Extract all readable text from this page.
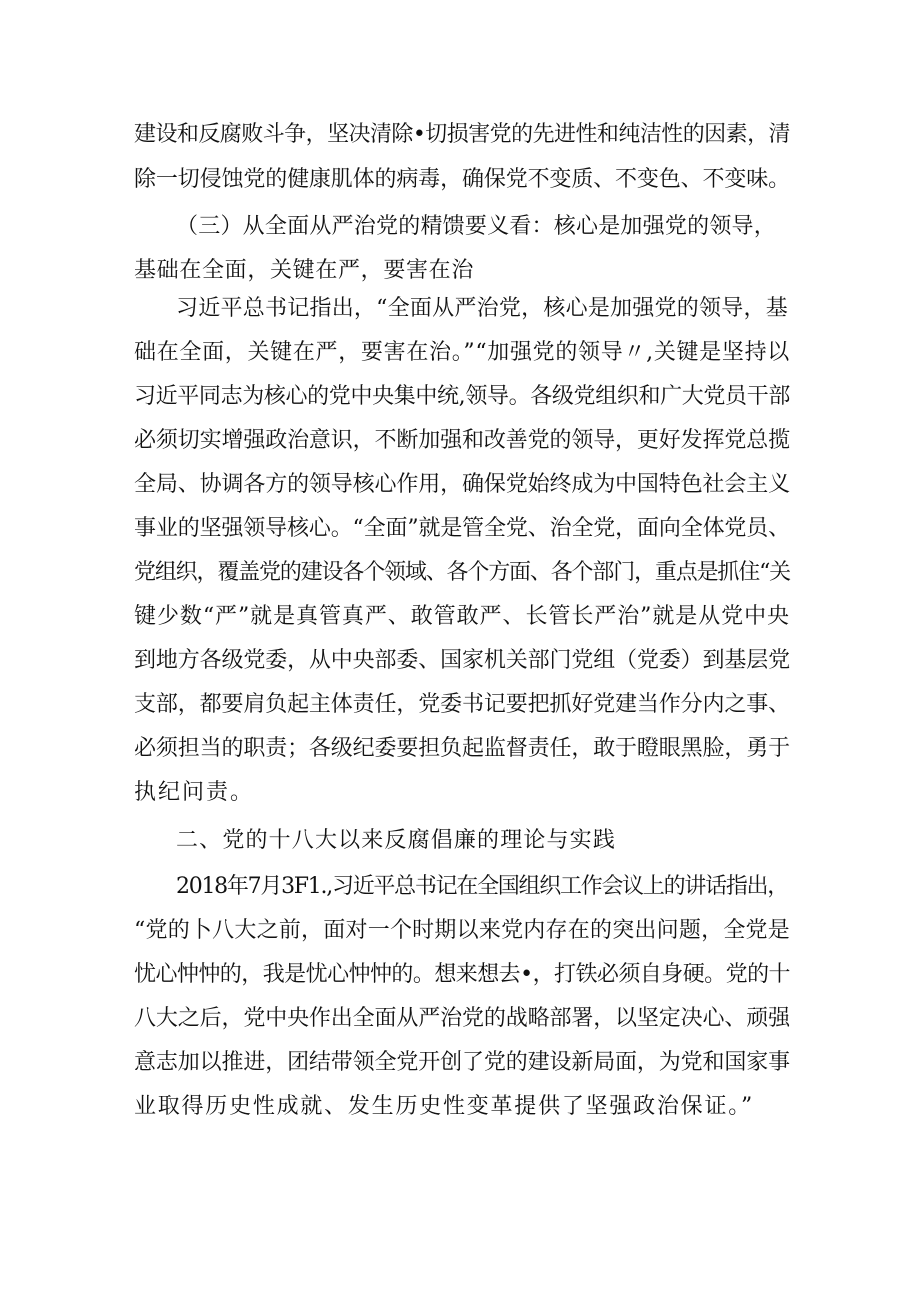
建设和反腐败斗争，坚决清除•切损害党的先进性和纯洁性的因素，清
除一切侵蚀党的健康肌体的病毒，确保党不变质、不变色、不变味。
（三）从全面从严治党的精馈要义看：核心是加强党的领导，
基础在全面，关键在严，要害在治
习近平总书记指出，“全面从严治党，核心是加强党的领导，基
础在全面，关键在严，要害在治。”“加强党的领导〃,关键是坚持以
习近平同志为核心的党中央集中统,领导。各级党组织和广大党员干部
必须切实增强政治意识，不断加强和改善党的领导，更好发挥党总揽
全局、协调各方的领导核心作用，确保党始终成为中国特色社会主义
事业的坚强领导核心。“全面”就是管全党、治全党，面向全体党员、
党组织，覆盖党的建设各个领域、各个方面、各个部门，重点是抓住“关
键少数“严”就是真管真严、敢管敢严、长管长严治”就是从党中央
到地方各级党委，从中央部委、国家机关部门党组（党委）到基层党
支部，都要肩负起主体责任，党委书记要把抓好党建当作分内之事、
必须担当的职责；各级纪委要担负起监督责任，敢于瞪眼黑脸，勇于
执纪问责。
二、党的十八大以来反腐倡廉的理论与实践
2018年7月3F1.,习近平总书记在全国组织工作会议上的讲话指出，
“党的卜八大之前，面对一个时期以来党内存在的突出问题，全党是
忧心忡忡的，我是忧心忡忡的。想来想去•，打铁必须自身硬。党的十
八大之后，党中央作出全面从严治党的战略部署，以坚定决心、顽强
意志加以推进，团结带领全党开创了党的建设新局面，为党和国家事
业取得历史性成就、发生历史性变革提供了坚强政治保证。”
